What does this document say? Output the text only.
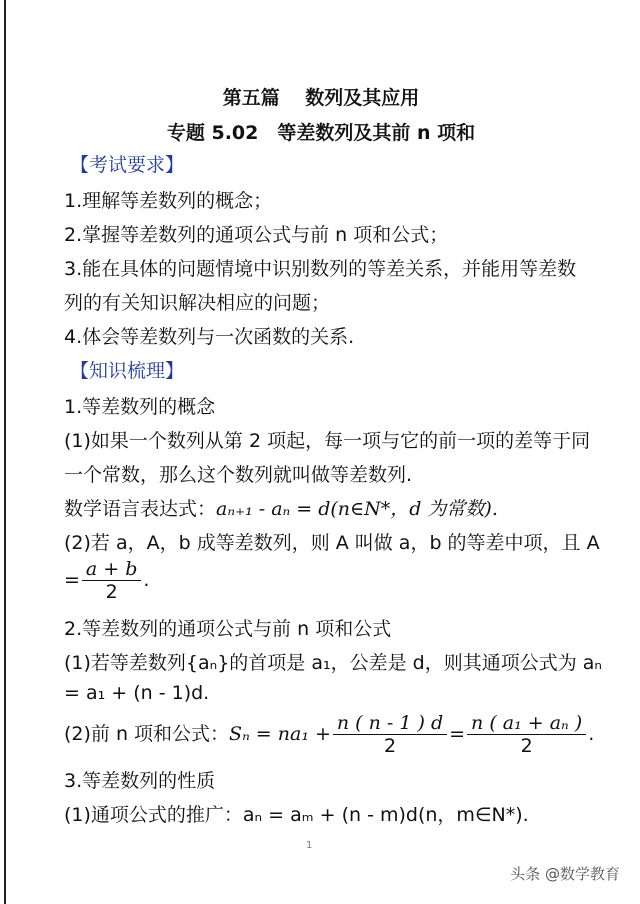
第五篇　 数列及其应用
专题 5.02　等差数列及其前 n 项和
【考试要求】
1.理解等差数列的概念；
2.掌握等差数列的通项公式与前 n 项和公式；
3.能在具体的问题情境中识别数列的等差关系，并能用等差数
列的有关知识解决相应的问题；
4.体会等差数列与一次函数的关系.
【知识梳理】
1.等差数列的概念
(1)如果一个数列从第 2 项起，每一项与它的前一项的差等于同
一个常数，那么这个数列就叫做等差数列.
数学语言表达式：aₙ₊₁ - aₙ = d(n∈N*，d 为常数).
(2)若 a，A，b 成等差数列，则 A 叫做 a，b 的等差中项，且 A
= $\frac{a + b}{2}$ .
2.等差数列的通项公式与前 n 项和公式
(1)若等差数列{aₙ}的首项是 a₁，公差是 d，则其通项公式为 aₙ
= a₁ + (n - 1)d.
(2)前 n 项和公式：$S_n = na_1 + \frac{n ( n - 1 ) d}{2} = \frac{\text{n ( a₁ + aₙ )}}{2}$ .
3.等差数列的性质
(1)通项公式的推广：aₙ = aₘ + (n - m)d(n，m∈N*).
1
头条 @数学教育
